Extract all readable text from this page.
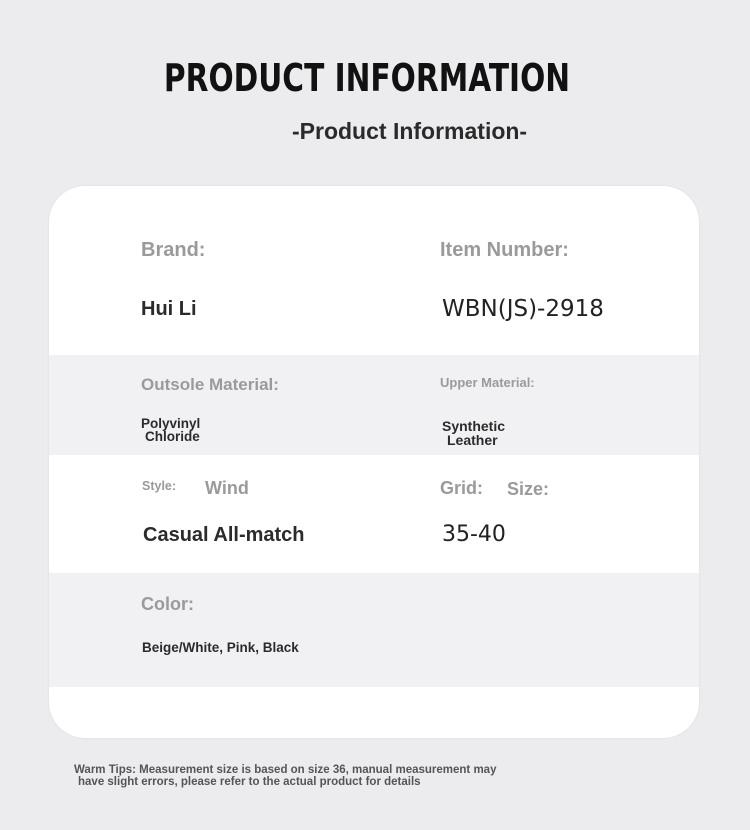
PRODUCT INFORMATION
-Product Information-
Brand:
Hui Li
Item Number:
WBN(JS)-2918
Outsole Material:
Polyvinyl
Chloride
Upper Material:
Synthetic
Leather
Style: Wind
Casual All-match
Grid: Size:
35-40
Color:
Beige/White, Pink, Black
Warm Tips: Measurement size is based on size 36, manual measurement may
have slight errors, please refer to the actual product for details
